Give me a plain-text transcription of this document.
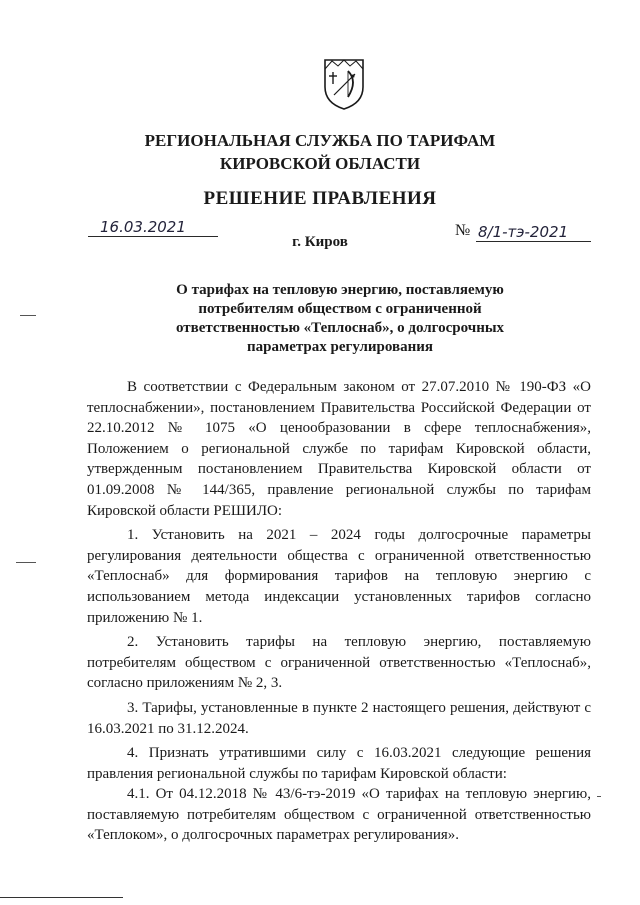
РЕГИОНАЛЬНАЯ СЛУЖБА ПО ТАРИФАМ
КИРОВСКОЙ ОБЛАСТИ
РЕШЕНИЕ ПРАВЛЕНИЯ
16.03.2021	№ 8/1-тэ-2021
г. Киров
О тарифах на тепловую энергию, поставляемую
потребителям обществом с ограниченной
ответственностью «Теплоснаб», о долгосрочных
параметрах регулирования

В соответствии с Федеральным законом от 27.07.2010 № 190-ФЗ «О теплоснабжении», постановлением Правительства Российской Федерации от 22.10.2012 № 1075 «О ценообразовании в сфере теплоснабжения», Положением о региональной службе по тарифам Кировской области, утвержденным постановлением Правительства Кировской области от 01.09.2008 № 144/365, правление региональной службы по тарифам Кировской области РЕШИЛО:

1. Установить на 2021 – 2024 годы долгосрочные параметры регулирования деятельности общества с ограниченной ответственностью «Теплоснаб» для формирования тарифов на тепловую энергию с использованием метода индексации установленных тарифов согласно приложению № 1.

2. Установить тарифы на тепловую энергию, поставляемую потребителям обществом с ограниченной ответственностью «Теплоснаб», согласно приложениям № 2, 3.

3. Тарифы, установленные в пункте 2 настоящего решения, действуют с 16.03.2021 по 31.12.2024.

4. Признать утратившими силу с 16.03.2021 следующие решения правления региональной службы по тарифам Кировской области:

4.1. От 04.12.2018 № 43/6-тэ-2019 «О тарифах на тепловую энергию, поставляемую потребителям обществом с ограниченной ответственностью «Теплоком», о долгосрочных параметрах регулирования».
